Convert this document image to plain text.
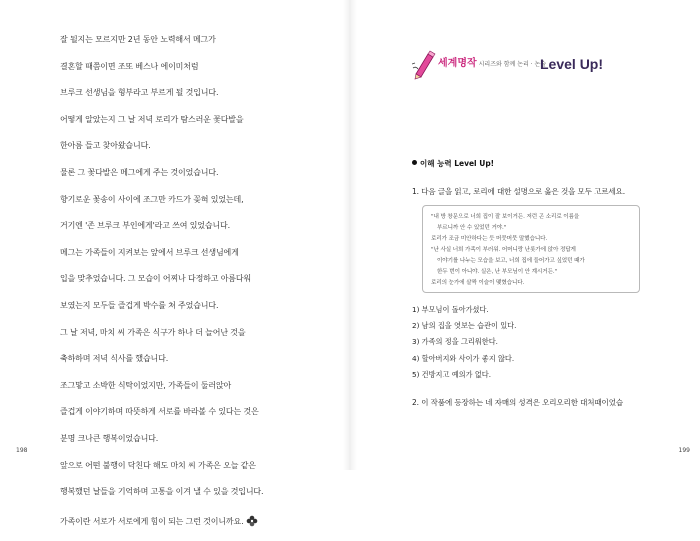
잘 될지는 모르지만 2년 동안 노력해서 메그가
결혼할 때쯤이면 조또 베스나 에이미처럼
브루크 선생님을 형부라고 부르게 될 것입니다.
어떻게 알았는지 그 날 저녁 로리가 탐스러운 꽃다발을
한아름 들고 찾아왔습니다.
물론 그 꽃다발은 메그에게 주는 것이었습니다.
향기로운 꽃송이 사이에 조그만 카드가 꽂혀 있었는데,
거기엔 '존 브루크 부인에게'라고 쓰여 있었습니다.
메그는 가족들이 지켜보는 앞에서 브루크 선생님에게
입을 맞추었습니다. 그 모습이 어찌나 다정하고 아름다워
보였는지 모두들 즐겁게 박수를 쳐 주었습니다.
그 날 저녁, 마치 씨 가족은 식구가 하나 더 늘어난 것을
축하하며 저녁 식사를 했습니다.
조그맣고 소박한 식탁이었지만, 가족들이 둘러앉아
즐겁게 이야기하며 따뜻하게 서로를 바라볼 수 있다는 것은
분명 크나큰 행복이었습니다.
앞으로 어떤 불행이 닥친다 해도 마치 씨 가족은 오늘 같은
행복했던 날들을 기억하며 고통을 이겨 낼 수 있을 것입니다.
가족이란 서로가 서로에게 힘이 되는 그런 것이니까요.
198
세계명작 시리즈와 함께 논리 · 논술
Level Up!
이해 능력 Level Up!
1. 다음 글을 읽고, 로리에 대한 설명으로 옳은 것을 모두 고르세요.
"내 방 창문으로 너희 집이 잘 보이거든. 저런 곤 소리로 이름을
부르니까 안 수 있었던 거야."
로리가 조금 미안하다는 듯 머뭇머뭇 말했습니다.
"난 사실 너희 가족이 부러워. 어머니랑 난롯가에 앉아 정답게
이야기를 나누는 모습을 보고, 너희 집에 들어가고 싶었던 때가
한두 번이 아니야. 실은, 난 부모님이 안 계시거든."
로리의 눈가에 살짝 이슬이 맺혔습니다.
1) 부모님이 돌아가셨다.
2) 남의 집을 엿보는 습관이 있다.
3) 가족의 정을 그리워한다.
4) 할아버지와 사이가 좋지 않다.
5) 건방지고 예의가 없다.
2. 이 작품에 등장하는 네 자매의 성격은 오리오리한 대처때이었습
199
